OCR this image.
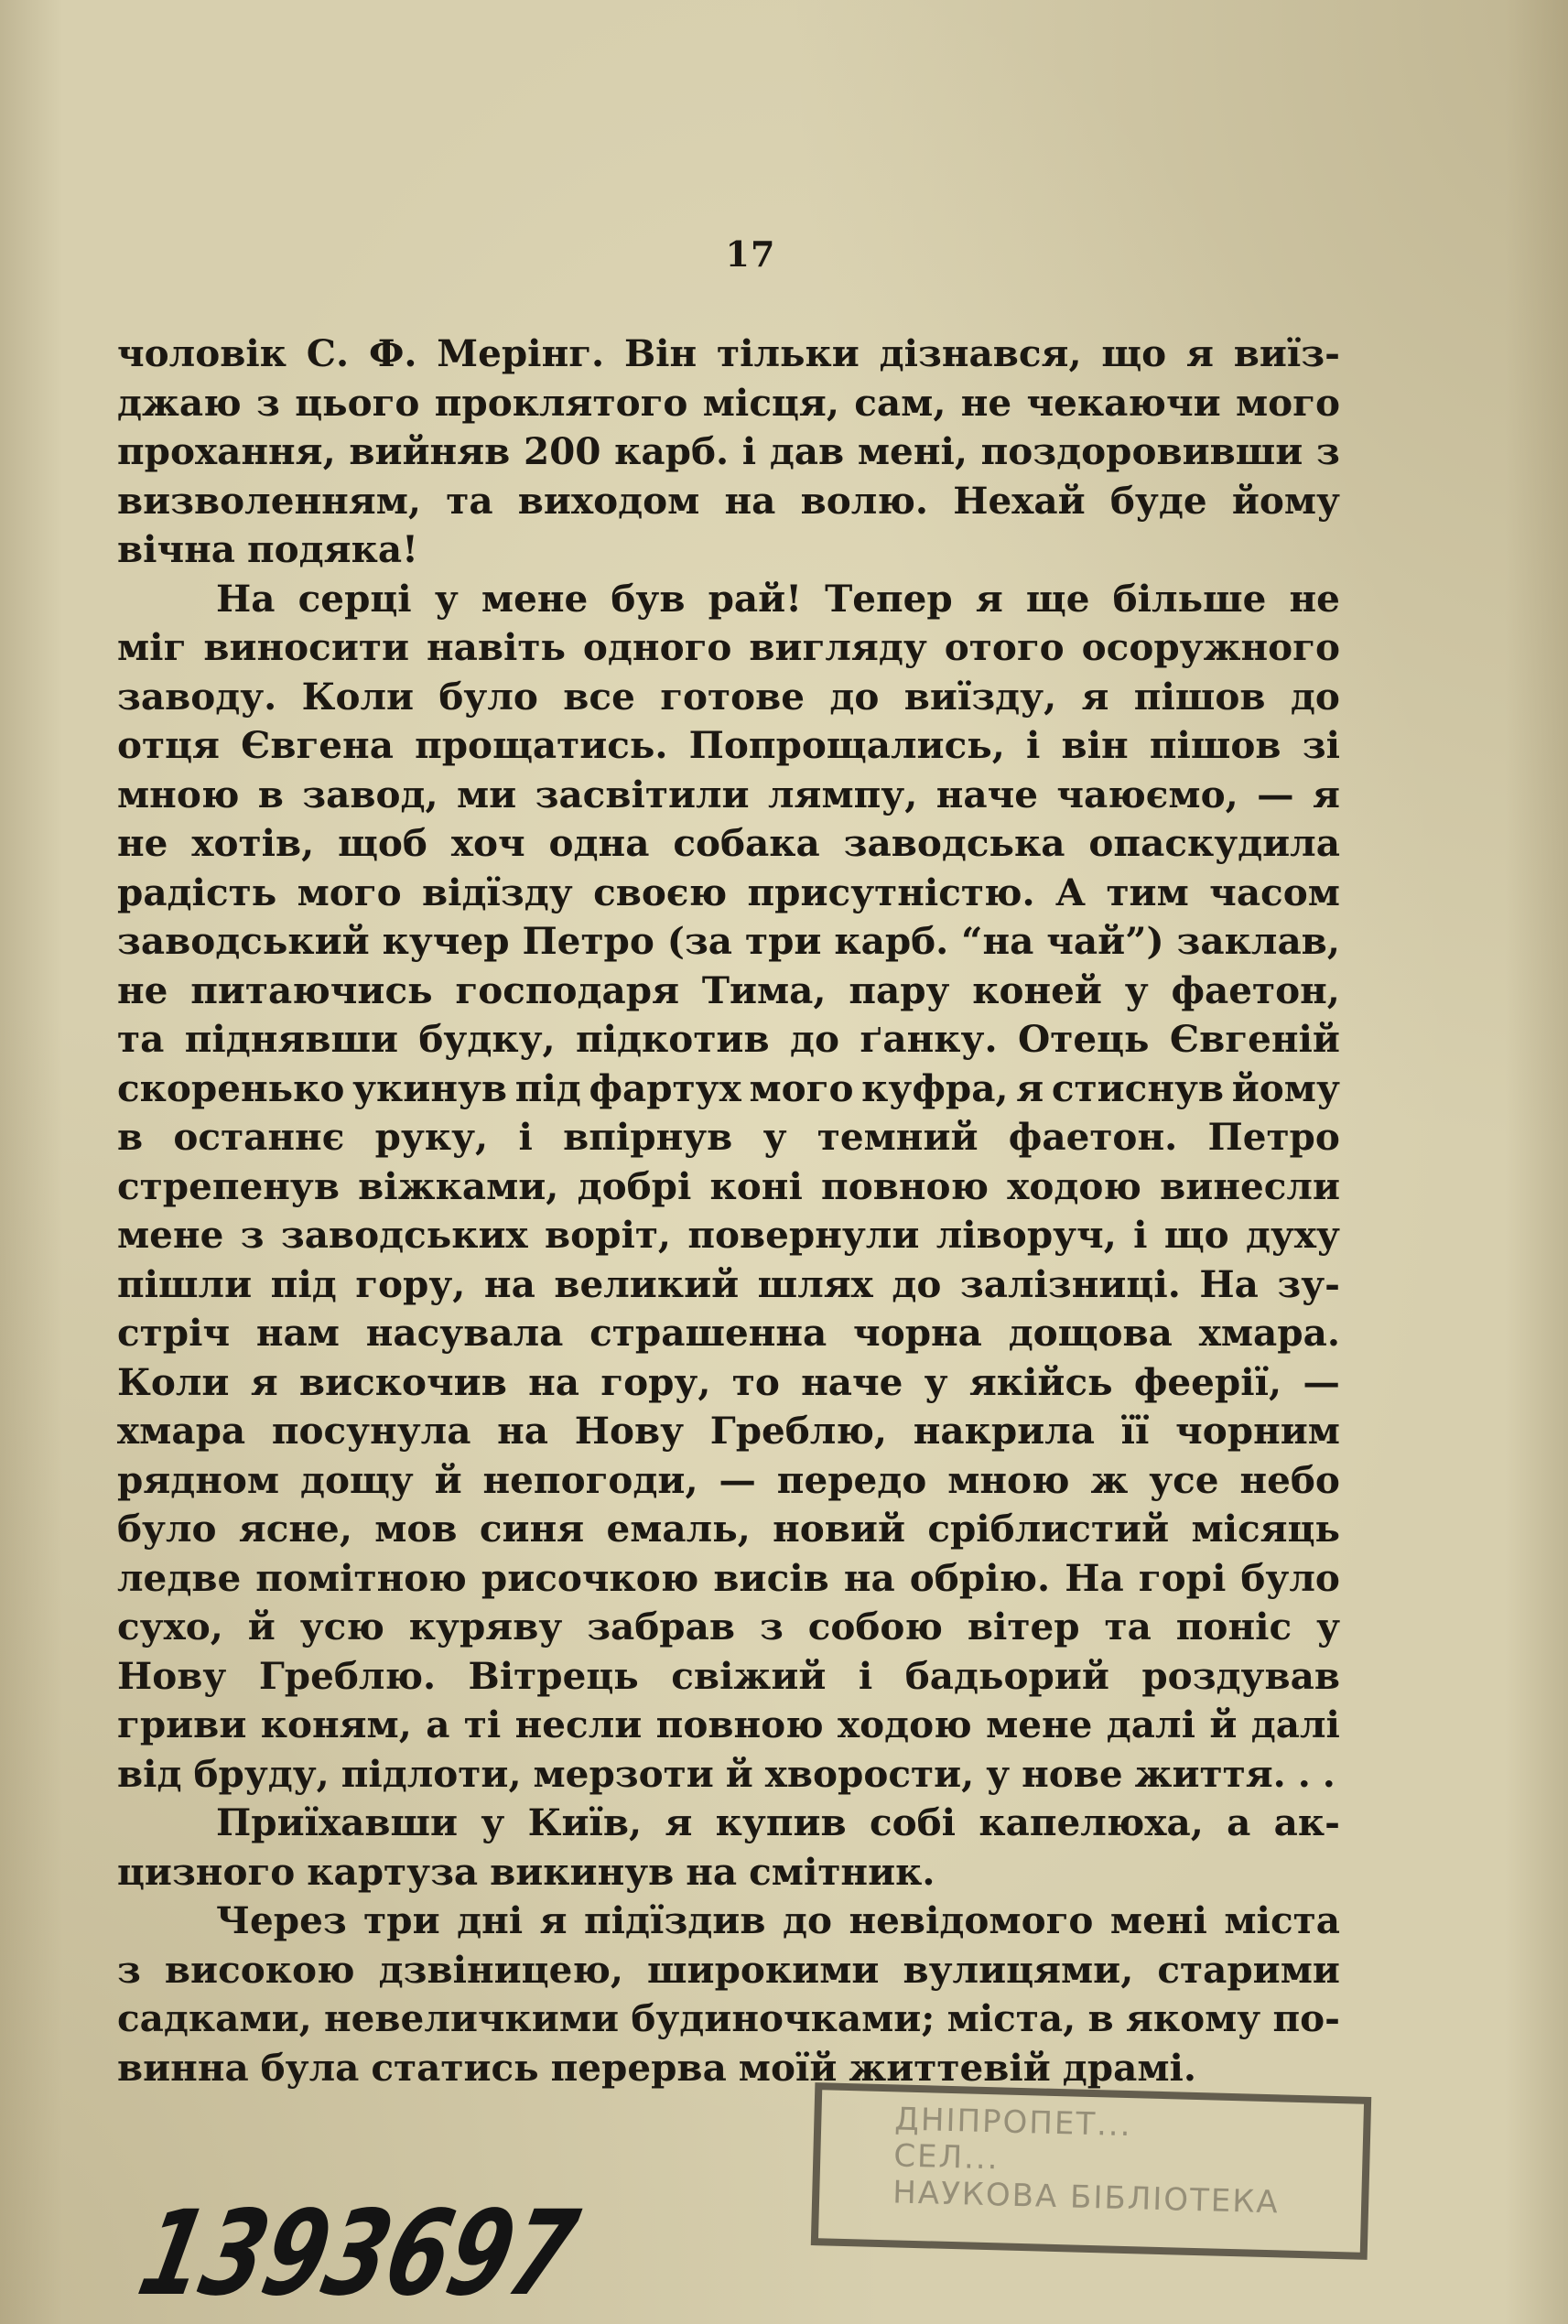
17
чоловік С. Ф. Мерінг. Він тільки дізнався, що я виїз-
джаю з цього проклятого місця, сам, не чекаючи мого
прохання, вийняв 200 карб. і дав мені, поздоровивши з
визволенням, та виходом на волю. Нехай буде йому
вічна подяка!
На серці у мене був рай! Тепер я ще більше не
міг виносити навіть одного вигляду отого осоружного
заводу. Коли було все готове до виїзду, я пішов до
отця Євгена прощатись. Попрощались, і він пішов зі
мною в завод, ми засвітили лямпу, наче чаюємо, — я
не хотів, щоб хоч одна собака заводська опаскудила
радість мого відїзду своєю присутністю. А тим часом
заводський кучер Петро (за три карб. “на чай”) заклав,
не питаючись господаря Тима, пару коней у фаетон,
та піднявши будку, підкотив до ґанку. Отець Євгеній
скоренько укинув під фартух мого куфра, я стиснув йому
в останнє руку, і впірнув у темний фаетон. Петро
стрепенув віжками, добрі коні повною ходою винесли
мене з заводських воріт, повернули ліворуч, і що духу
пішли під гору, на великий шлях до залізниці. На зу-
стріч нам насувала страшенна чорна дощова хмара.
Коли я вискочив на гору, то наче у якійсь феерії, —
хмара посунула на Нову Греблю, накрила її чорним
рядном дощу й непогоди, — передо мною ж усе небо
було ясне, мов синя емаль, новий сріблистий місяць
ледве помітною рисочкою висів на обрію. На горі було
сухо, й усю куряву забрав з собою вітер та поніс у
Нову Греблю. Вітрець свіжий і бадьорий роздував
гриви коням, а ті несли повною ходою мене далі й далі
від бруду, підлоти, мерзоти й хворости, у нове життя. . .
Приїхавши у Київ, я купив собі капелюха, а ак-
цизного картуза викинув на смітник.
Через три дні я підїздив до невідомого мені міста
з високою дзвіницею, широкими вулицями, старими
садками, невеличкими будиночками; міста, в якому по-
винна була статись перерва моїй життевій драмі.
ДНІПРОПЕТ...
СЕЛ...
НАУКОВА БІБЛІОТЕКА
1393697
